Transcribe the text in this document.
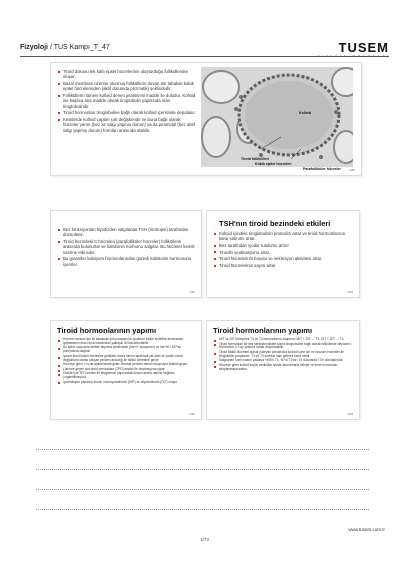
Fizyoloji / TUS Kampı_T_47	TUSEM
Tiroid dokusu tek katlı epitel hücrelerinin oluşturduğu folliküllerden oluşur.
Bazal membran üzerine oturmuş folliküllerin duvarı tek tabakalı kübik epitel hücrelerinden (aktif durumda prizmatik) şeklindedir.
Folliküllerin lümeni kolloid denen jelatinimsi madde ile doludur. Kolloid ise başlıca ana madde olarak tiroglobulin yapısında olan tiroglobulindir.
Tiroid hormonları tiroglobuline bağlı olarak kolloid içerisinde depolanır.
Kesitlerde kolloid çapları çok değişkendir ve buna bağlı olarak hücreler yarım (bez az salgı yapmış durum) ya da piramidal (bez aktif salgı yapmış durum) formları arasında olabilir.
Kolloid
Tiroid follikülleri
Kübik epitel hücreleri
Parafolliküler hücreler	1/46
Bez fonksiyonları hipofizden salgılanan TSH (tirotropin) tarafından düzenlenir.
Tiroid bezindeki C hücreleri (parafolliküler hücreler) folliküllerin arasında bulunurlar ve kalsitonin hormonu salgılar. Bu hücreler kemik üzerine etki eder.
Bu granüller kalsiyum hormonlarından görevli kalsitonin hormonunu içerirler.
1/46
TSH'nın tiroid bezindeki etkileri
Kolloid içindeki tiroglobulinin proteolizi artar ve tiroid hormonlarının kana salınımı artar.
Bez tarafından iyodür tutulumu artırır.
Tiroidin iyodinasyonu artar.
Tiroid hücrelerinin boyutu ve sekresyon aktivitesi artar.
Tiroid hücrelerinin sayısı artar.
1/46
Tiroid hormonlarının yapımı
Hormon sentezi için ilk basamak iyot pompası ile iyodürün folikül epiteline alınmasıdır. İyotlamanın oranı tiroid tarafından yaklaşık 30 kat arttırılabilir.
Bu işlem sodyumla birlikte taşınma şeklindedir (Na+/I- symporter) ve Na+/K+ ATPaz pompasına bağlıdır.
İyodür tiroid folikül hücresine girdikten sonra lümen tarafında yer alan ve iyodür-klorür değiştiricisi olarak çalışan pendrin aracılığı ile folikül lümenine geçer.
Hücreye giren I- hızla apikal tarafa gider. Burada pendrin denen taşıyıcıyla foliküle geçer.
Lümene geçen iyot tiroid peroksidaz (TPO) enzimi ile oksidasyona uğrar.
Ekside iyot TPO enzimi ile tiroglobulin yapısındaki tirozin amino asitine bağlanır (organifikasyon).
İyodinasyon yapılmış tirozin monoiyodotirozin (MIT) ve diiyodotirozin (DIT) oluşur.
1/46
Tiroid hormonlarının yapımı
MIT ve DIT birleşerek T3 ve T4 hormonlarını oluşturur: MIT + DIT → T3, DIT + DIT → T4
Tiroid hormonları bir kez sentezlendikten sonra tiroglobuline bağlı olarak foliküllerde depolanır. Hormonlar 2-3 ay yetecek kadar depolanabilir.
Tiroid folikül hücreleri apikal yüzeyde pinositozla kolloidi içine alır ve lizozom enzimleri ile tiroglobulin parçalanır; T3 ve T4 serbest hale gelerek kana verilir.
Salgılanan hormonların yaklaşık %93'ü T4, %7'si T3'tür; T4 dokularda T3'e dönüştürülür.
Hücreye giren kolloid küçük veziküller içinde lizozomlarla birleşir ve tiroid hormonları sitoplazmaya salınır.
1/46
www.tusem.com.tr
1/73
